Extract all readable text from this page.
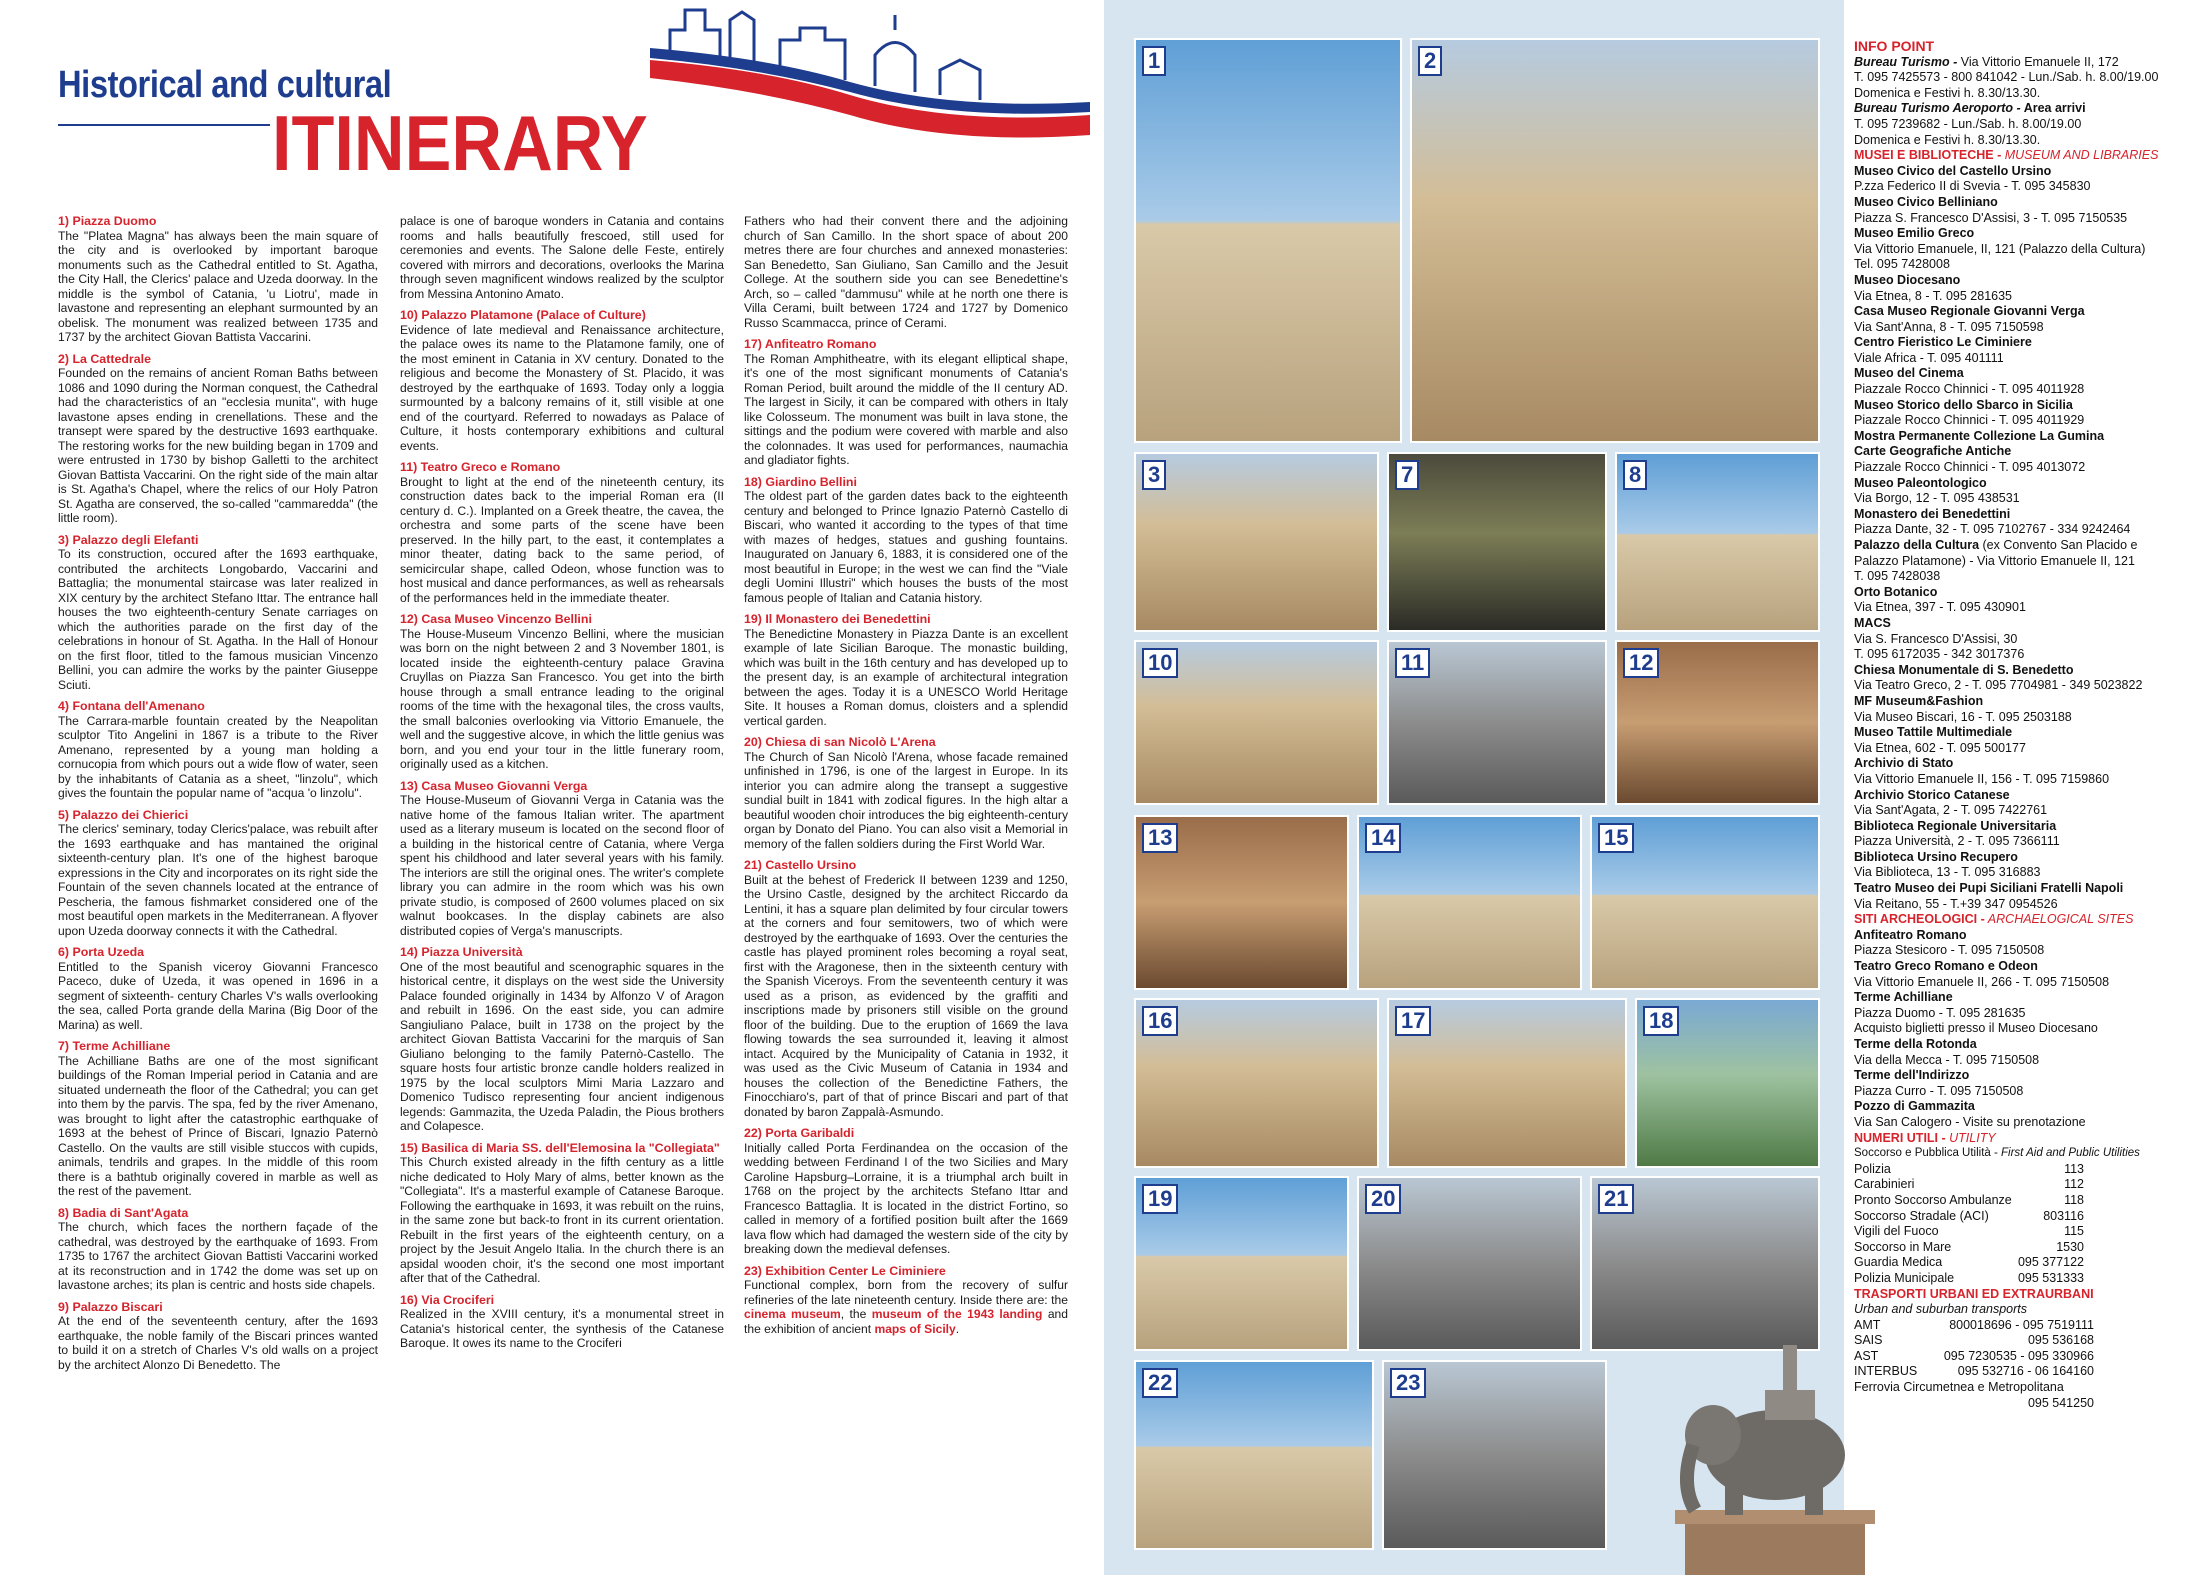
Historical and cultural
ITINERARY
1) Piazza Duomo

The "Platea Magna" has always been the main square of the city and is overlooked by important baroque monuments such as the Cathedral entitled to St. Agatha, the City Hall, the Clerics' palace and Uzeda doorway. In the middle is the symbol of Catania, 'u Liotru', made in lavastone and representing an elephant surmounted by an obelisk. The monument was realized between 1735 and 1737 by the architect Giovan Battista Vaccarini.

2) La Cattedrale

Founded on the remains of ancient Roman Baths between 1086 and 1090 during the Norman conquest, the Cathedral had the characteristics of an "ecclesia munita", with huge lavastone apses ending in crenellations. These and the transept were spared by the destructive 1693 earthquake. The restoring works for the new building began in 1709 and were entrusted in 1730 by bishop Galletti to the architect Giovan Battista Vaccarini. On the right side of the main altar is St. Agatha's Chapel, where the relics of our Holy Patron St. Agatha are conserved, the so-called "cammaredda" (the little room).

3) Palazzo degli Elefanti

To its construction, occured after the 1693 earthquake, contributed the architects Longobardo, Vaccarini and Battaglia; the monumental staircase was later realized in XIX century by the architect Stefano Ittar. The entrance hall houses the two eighteenth-century Senate carriages on which the authorities parade on the first day of the celebrations in honour of St. Agatha. In the Hall of Honour on the first floor, titled to the famous musician Vincenzo Bellini, you can admire the works by the painter Giuseppe Sciuti.

4) Fontana dell'Amenano

The Carrara-marble fountain created by the Neapolitan sculptor Tito Angelini in 1867 is a tribute to the River Amenano, represented by a young man holding a cornucopia from which pours out a wide flow of water, seen by the inhabitants of Catania as a sheet, "linzolu", which gives the fountain the popular name of "acqua 'o linzolu".

5) Palazzo dei Chierici

The clerics' seminary, today Clerics'palace, was rebuilt after the 1693 earthquake and has mantained the original sixteenth-century plan. It's one of the highest baroque expressions in the City and incorporates on its right side the Fountain of the seven channels located at the entrance of Pescheria, the famous fishmarket considered one of the most beautiful open markets in the Mediterranean. A flyover upon Uzeda doorway connects it with the Cathedral.

6) Porta Uzeda

Entitled to the Spanish viceroy Giovanni Francesco Paceco, duke of Uzeda, it was opened in 1696 in a segment of sixteenth- century Charles V's walls overlooking the sea, called Porta grande della Marina (Big Door of the Marina) as well.

7) Terme Achilliane

The Achilliane Baths are one of the most significant buildings of the Roman Imperial period in Catania and are situated underneath the floor of the Cathedral; you can get into them by the parvis. The spa, fed by the river Amenano, was brought to light after the catastrophic earthquake of 1693 at the behest of Prince of Biscari, Ignazio Paternò Castello. On the vaults are still visible stuccos with cupids, animals, tendrils and grapes. In the middle of this room there is a bathtub originally covered in marble as well as the rest of the pavement.

8) Badia di Sant'Agata

The church, which faces the northern façade of the cathedral, was destroyed by the earthquake of 1693. From 1735 to 1767 the architect Giovan Battisti Vaccarini worked at its reconstruction and in 1742 the dome was set up on lavastone arches; its plan is centric and hosts side chapels.

9) Palazzo Biscari

At the end of the seventeenth century, after the 1693 earthquake, the noble family of the Biscari princes wanted to build it on a stretch of Charles V's old walls on a project by the architect Alonzo Di Benedetto. The

palace is one of baroque wonders in Catania and contains rooms and halls beautifully frescoed, still used for ceremonies and events. The Salone delle Feste, entirely covered with mirrors and decorations, overlooks the Marina through seven magnificent windows realized by the sculptor from Messina Antonino Amato.

10) Palazzo Platamone (Palace of Culture)

Evidence of late medieval and Renaissance architecture, the palace owes its name to the Platamone family, one of the most eminent in Catania in XV century. Donated to the religious and become the Monastery of St. Placido, it was destroyed by the earthquake of 1693. Today only a loggia surmounted by a balcony remains of it, still visible at one end of the courtyard. Referred to nowadays as Palace of Culture, it hosts contemporary exhibitions and cultural events.

11) Teatro Greco e Romano

Brought to light at the end of the nineteenth century, its construction dates back to the imperial Roman era (II century d. C.). Implanted on a Greek theatre, the cavea, the orchestra and some parts of the scene have been preserved. In the hilly part, to the east, it contemplates a minor theater, dating back to the same period, of semicircular shape, called Odeon, whose function was to host musical and dance performances, as well as rehearsals of the performances held in the immediate theater.

12) Casa Museo Vincenzo Bellini

The House-Museum Vincenzo Bellini, where the musician was born on the night between 2 and 3 November 1801, is located inside the eighteenth-century palace Gravina Cruyllas on Piazza San Francesco. You get into the birth house through a small entrance leading to the original rooms of the time with the hexagonal tiles, the cross vaults, the small balconies overlooking via Vittorio Emanuele, the well and the suggestive alcove, in which the little genius was born, and you end your tour in the little funerary room, originally used as a kitchen.

13) Casa Museo Giovanni Verga

The House-Museum of Giovanni Verga in Catania was the native home of the famous Italian writer. The apartment used as a literary museum is located on the second floor of a building in the historical centre of Catania, where Verga spent his childhood and later several years with his family. The interiors are still the original ones. The writer's complete library you can admire in the room which was his own private studio, is composed of 2600 volumes placed on six walnut bookcases. In the display cabinets are also distributed copies of Verga's manuscripts.

14) Piazza Università

One of the most beautiful and scenographic squares in the historical centre, it displays on the west side the University Palace founded originally in 1434 by Alfonzo V of Aragon and rebuilt in 1696. On the east side, you can admire Sangiuliano Palace, built in 1738 on the project by the architect Giovan Battista Vaccarini for the marquis of San Giuliano belonging to the family Paternò-Castello. The square hosts four artistic bronze candle holders realized in 1975 by the local sculptors Mimi Maria Lazzaro and Domenico Tudisco representing four ancient indigenous legends: Gammazita, the Uzeda Paladin, the Pious brothers and Colapesce.

15) Basilica di Maria SS. dell'Elemosina la "Collegiata"

This Church existed already in the fifth century as a little niche dedicated to Holy Mary of alms, better known as the "Collegiata". It's a masterful example of Catanese Baroque. Following the earthquake in 1693, it was rebuilt on the ruins, in the same zone but back-to front in its current orientation. Rebuilt in the first years of the eighteenth century, on a project by the Jesuit Angelo Italia. In the church there is an apsidal wooden choir, it's the second one most important after that of the Cathedral.

16) Via Crociferi

Realized in the XVIII century, it's a monumental street in Catania's historical center, the synthesis of the Catanese Baroque. It owes its name to the Crociferi

Fathers who had their convent there and the adjoining church of San Camillo. In the short space of about 200 metres there are four churches and annexed monasteries: San Benedetto, San Giuliano, San Camillo and the Jesuit College. At the southern side you can see Benedettine's Arch, so – called "dammusu" while at he north one there is Villa Cerami, built between 1724 and 1727 by Domenico Russo Scammacca, prince of Cerami.

17) Anfiteatro Romano

The Roman Amphitheatre, with its elegant elliptical shape, it's one of the most significant monuments of Catania's Roman Period, built around the middle of the II century AD. The largest in Sicily, it can be compared with others in Italy like Colosseum. The monument was built in lava stone, the sittings and the podium were covered with marble and also the colonnades. It was used for performances, naumachia and gladiator fights.

18) Giardino Bellini

The oldest part of the garden dates back to the eighteenth century and belonged to Prince Ignazio Paternò Castello di Biscari, who wanted it according to the types of that time with mazes of hedges, statues and gushing fountains. Inaugurated on January 6, 1883, it is considered one of the most beautiful in Europe; in the west we can find the "Viale degli Uomini Illustri" which houses the busts of the most famous people of Italian and Catania history.

19) Il Monastero dei Benedettini

The Benedictine Monastery in Piazza Dante is an excellent example of late Sicilian Baroque. The monastic building, which was built in the 16th century and has developed up to the present day, is an example of architectural integration between the ages. Today it is a UNESCO World Heritage Site. It houses a Roman domus, cloisters and a splendid vertical garden.

20) Chiesa di san Nicolò L'Arena

The Church of San Nicolò l'Arena, whose facade remained unfinished in 1796, is one of the largest in Europe. In its interior you can admire along the transept a suggestive sundial built in 1841 with zodical figures. In the high altar a beautiful wooden choir introduces the big eighteenth-century organ by Donato del Piano. You can also visit a Memorial in memory of the fallen soldiers during the First World War.

21) Castello Ursino

Built at the behest of Frederick II between 1239 and 1250, the Ursino Castle, designed by the architect Riccardo da Lentini, it has a square plan delimited by four circular towers at the corners and four semitowers, two of which were destroyed by the earthquake of 1693. Over the centuries the castle has played prominent roles becoming a royal seat, first with the Aragonese, then in the sixteenth century with the Spanish Viceroys. From the seventeenth century it was used as a prison, as evidenced by the graffiti and inscriptions made by prisoners still visible on the ground floor of the building. Due to the eruption of 1669 the lava flowing towards the sea surrounded it, leaving it almost intact. Acquired by the Municipality of Catania in 1932, it was used as the Civic Museum of Catania in 1934 and houses the collection of the Benedictine Fathers, the Finocchiaro's, part of that of prince Biscari and part of that donated by baron Zappalà-Asmundo.

22) Porta Garibaldi

Initially called Porta Ferdinandea on the occasion of the wedding between Ferdinand I of the two Sicilies and Mary Caroline Hapsburg–Lorraine, it is a triumphal arch built in 1768 on the project by the architects Stefano Ittar and Francesco Battaglia. It is located in the district Fortino, so called in memory of a fortified position built after the 1669 lava flow which had damaged the western side of the city by breaking down the medieval defenses.

23) Exhibition Center Le Ciminiere

Functional complex, born from the recovery of sulfur refineries of the late nineteenth century. Inside there are: the cinema museum, the museum of the 1943 landing and the exhibition of ancient maps of Sicily.

1	2
3	7	8
10	11	12
13	14	15
16	17	18
19	20	21
22	23
INFO POINT
Bureau Turismo - Via Vittorio Emanuele II, 172
T. 095 7425573 - 800 841042 - Lun./Sab. h. 8.00/19.00
Domenica e Festivi h. 8.30/13.30.
Bureau Turismo Aeroporto - Area arrivi
T. 095 7239682 - Lun./Sab. h. 8.00/19.00
Domenica e Festivi h. 8.30/13.30.
MUSEI E BIBLIOTECHE - MUSEUM AND LIBRARIES
Museo Civico del Castello Ursino
P.zza Federico II di Svevia - T. 095 345830
Museo Civico Belliniano
Piazza S. Francesco D'Assisi, 3 - T. 095 7150535
Museo Emilio Greco
Via Vittorio Emanuele, II, 121 (Palazzo della Cultura)
Tel. 095 7428008
Museo Diocesano
Via Etnea, 8 - T. 095 281635
Casa Museo Regionale Giovanni Verga
Via Sant'Anna, 8 - T. 095 7150598
Centro Fieristico Le Ciminiere
Viale Africa - T. 095 401111
Museo del Cinema
Piazzale Rocco Chinnici - T. 095 4011928
Museo Storico dello Sbarco in Sicilia
Piazzale Rocco Chinnici - T. 095 4011929
Mostra Permanente Collezione La Gumina
Carte Geografiche Antiche
Piazzale Rocco Chinnici - T. 095 4013072
Museo Paleontologico
Via Borgo, 12 - T. 095 438531
Monastero dei Benedettini
Piazza Dante, 32 - T. 095 7102767 - 334 9242464
Palazzo della Cultura (ex Convento San Placido e
Palazzo Platamone) - Via Vittorio Emanuele II, 121
T. 095 7428038
Orto Botanico
Via Etnea, 397 - T. 095 430901
MACS
Via S. Francesco D'Assisi, 30
T. 095 6172035 - 342 3017376
Chiesa Monumentale di S. Benedetto
Via Teatro Greco, 2 - T. 095 7704981 - 349 5023822
MF Museum&Fashion
Via Museo Biscari, 16 - T. 095 2503188
Museo Tattile Multimediale
Via Etnea, 602 - T. 095 500177
Archivio di Stato
Via Vittorio Emanuele II, 156 - T. 095 7159860
Archivio Storico Catanese
Via Sant'Agata, 2 - T. 095 7422761
Biblioteca Regionale Universitaria
Piazza Università, 2 - T. 095 7366111
Biblioteca Ursino Recupero
Via Biblioteca, 13 - T. 095 316883
Teatro Museo dei Pupi Siciliani Fratelli Napoli
Via Reitano, 55 - T.+39 347 0954526
SITI ARCHEOLOGICI - ARCHAELOGICAL SITES
Anfiteatro Romano
Piazza Stesicoro - T. 095 7150508
Teatro Greco Romano e Odeon
Via Vittorio Emanuele II, 266 - T. 095 7150508
Terme Achilliane
Piazza Duomo - T. 095 281635
Acquisto biglietti presso il Museo Diocesano
Terme della Rotonda
Via della Mecca - T. 095 7150508
Terme dell'Indirizzo
Piazza Curro - T. 095 7150508
Pozzo di Gammazita
Via San Calogero - Visite su prenotazione
NUMERI UTILI - UTILITY
Soccorso e Pubblica Utilità - First Aid and Public Utilities
Polizia	113
Carabinieri	112
Pronto Soccorso Ambulanze	118
Soccorso Stradale (ACI)	803116
Vigili del Fuoco	115
Soccorso in Mare	1530
Guardia Medica	095 377122
Polizia Municipale	095 531333
TRASPORTI URBANI ED EXTRAURBANI
Urban and suburban transports
AMT	800018696 - 095 7519111
SAIS	095 536168
AST	095 7230535 - 095 330966
INTERBUS	095 532716 - 06 164160
Ferrovia Circumetnea e Metropolitana
095 541250
